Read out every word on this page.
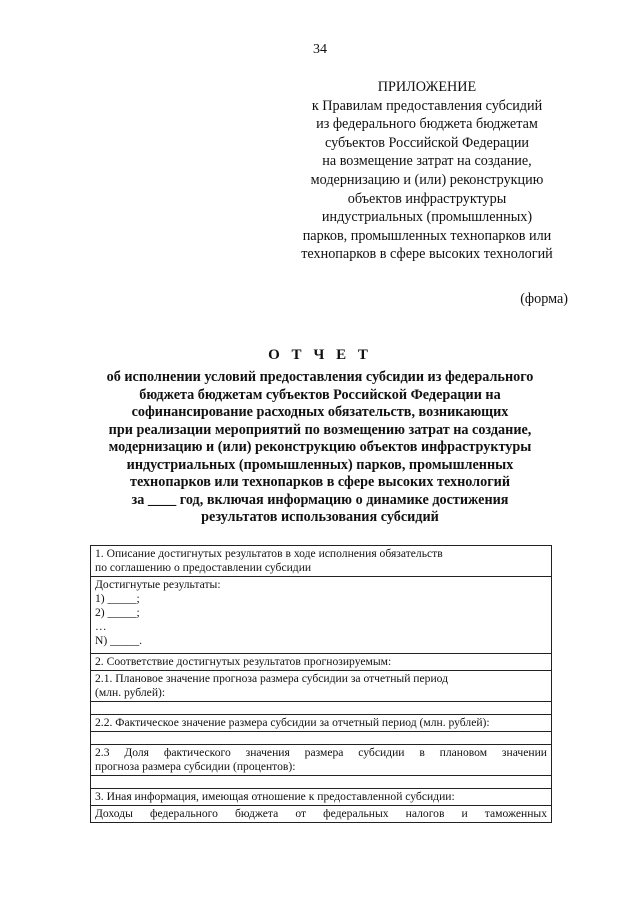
34
ПРИЛОЖЕНИЕ
к Правилам предоставления субсидий
из федерального бюджета бюджетам
субъектов Российской Федерации
на возмещение затрат на создание,
модернизацию и (или) реконструкцию
объектов инфраструктуры
индустриальных (промышленных)
парков, промышленных технопарков или
технопарков в сфере высоких технологий
(форма)
О Т Ч Е Т
об исполнении условий предоставления субсидии из федерального
бюджета бюджетам субъектов Российской Федерации на
софинансирование расходных обязательств, возникающих
при реализации мероприятий по возмещению затрат на создание,
модернизацию и (или) реконструкцию объектов инфраструктуры
индустриальных (промышленных) парков, промышленных
технопарков или технопарков в сфере высоких технологий
за ____ год, включая информацию о динамике достижения
результатов использования субсидий
1. Описание достигнутых результатов в ходе исполнения обязательств
по соглашению о предоставлении субсидии

Достигнутые результаты:
1) _____;
2) _____;
…
N) _____.

2. Соответствие достигнутых результатов прогнозируемым:

2.1. Плановое значение прогноза размера субсидии за отчетный период
(млн. рублей):

2.2. Фактическое значение размера субсидии за отчетный период (млн. рублей):

2.3 Доля фактического значения размера субсидии в плановом значении
прогноза размера субсидии (процентов):

3. Иная информация, имеющая отношение к предоставленной субсидии:

Доходы федерального бюджета от федеральных налогов и таможенных
